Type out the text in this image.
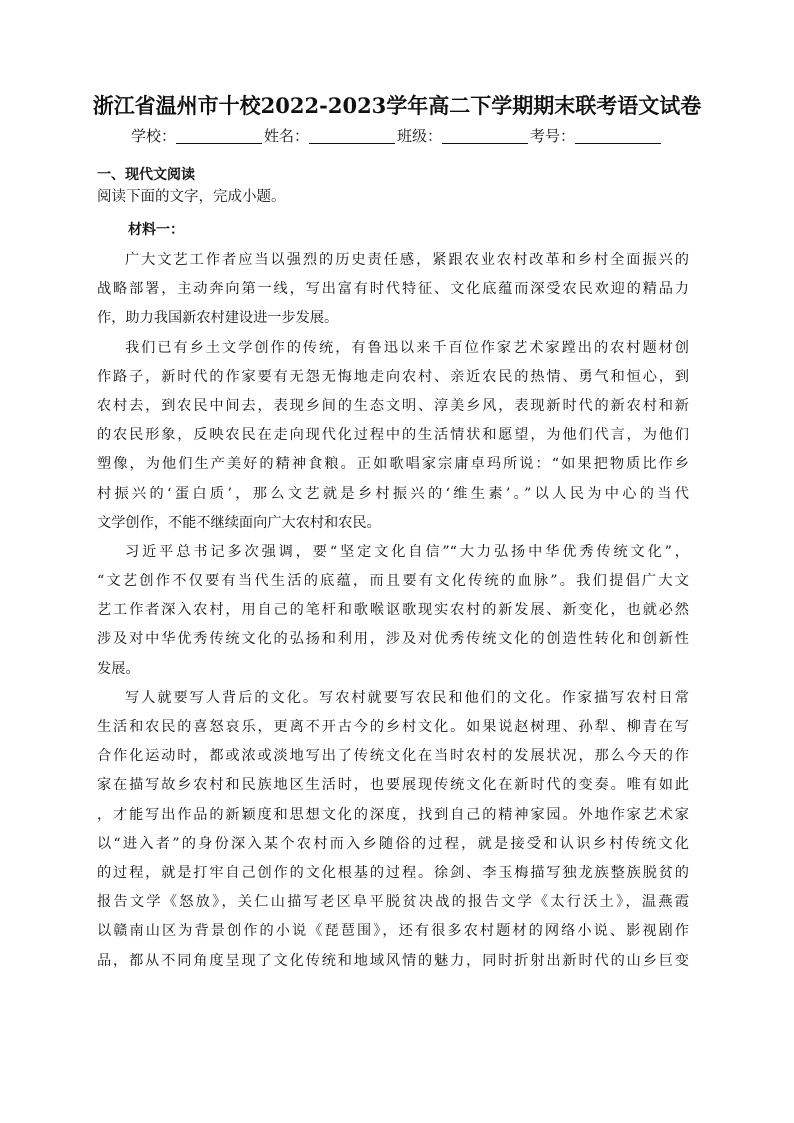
浙江省温州市十校2022-2023学年高二下学期期末联考语文试卷
学校：	姓名：	班级：	考号：
一、现代文阅读
阅读下面的文字，完成小题。
材料一：

广大文艺工作者应当以强烈的历史责任感，紧跟农业农村改革和乡村全面振兴的
战略部署，主动奔向第一线，写出富有时代特征、文化底蕴而深受农民欢迎的精品力
作，助力我国新农村建设进一步发展。

我们已有乡土文学创作的传统，有鲁迅以来千百位作家艺术家蹚出的农村题材创
作路子，新时代的作家要有无怨无悔地走向农村、亲近农民的热情、勇气和恒心，到
农村去，到农民中间去，表现乡间的生态文明、淳美乡风，表现新时代的新农村和新
的农民形象，反映农民在走向现代化过程中的生活情状和愿望，为他们代言，为他们
塑像，为他们生产美好的精神食粮。正如歌唱家宗庸卓玛所说：“如果把物质比作乡
村振兴的‘蛋白质’，那么文艺就是乡村振兴的‘维生素’。”以人民为中心的当代
文学创作，不能不继续面向广大农村和农民。

习近平总书记多次强调，要“坚定文化自信”“大力弘扬中华优秀传统文化”，
“文艺创作不仅要有当代生活的底蕴，而且要有文化传统的血脉”。我们提倡广大文
艺工作者深入农村，用自己的笔杆和歌喉讴歌现实农村的新发展、新变化，也就必然
涉及对中华优秀传统文化的弘扬和利用，涉及对优秀传统文化的创造性转化和创新性
发展。

写人就要写人背后的文化。写农村就要写农民和他们的文化。作家描写农村日常
生活和农民的喜怒哀乐，更离不开古今的乡村文化。如果说赵树理、孙犁、柳青在写
合作化运动时，都或浓或淡地写出了传统文化在当时农村的发展状况，那么今天的作
家在描写故乡农村和民族地区生活时，也要展现传统文化在新时代的变奏。唯有如此
，才能写出作品的新颖度和思想文化的深度，找到自己的精神家园。外地作家艺术家
以“进入者”的身份深入某个农村而入乡随俗的过程，就是接受和认识乡村传统文化
的过程，就是打牢自己创作的文化根基的过程。徐剑、李玉梅描写独龙族整族脱贫的
报告文学《怒放》，关仁山描写老区阜平脱贫决战的报告文学《太行沃土》，温燕霞
以赣南山区为背景创作的小说《琵琶围》，还有很多农村题材的网络小说、影视剧作
品，都从不同角度呈现了文化传统和地域风情的魅力，同时折射出新时代的山乡巨变
